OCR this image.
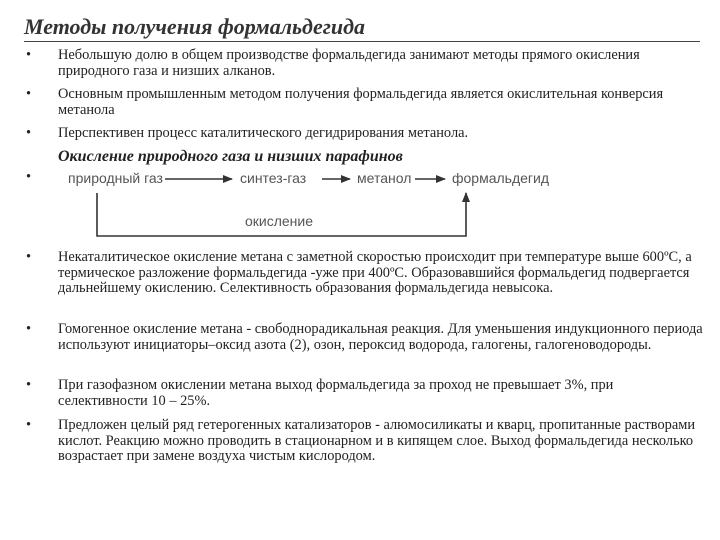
Методы получения формальдегида
• Небольшую долю в общем производстве формальдегида занимают методы прямого окисления природного газа и низших алканов.
• Основным промышленным методом получения формальдегида является окислительная конверсия метанола
• Перспективен процесс каталитического дегидрирования метанола.
Окисление природного газа и низших парафинов
•	природный газ	синтез-газ	метанол	формальдегид
окисление
• Некаталитическое окисление метана с заметной скоростью происходит при температуре выше 600ºС, а термическое разложение формальдегида -уже при 400ºС. Образовавшийся формальдегид подвергается дальнейшему окислению. Селективность образования формальдегида невысока.
• Гомогенное окисление метана - свободнорадикальная реакция. Для уменьшения индукционного периода используют инициаторы–оксид азота (2), озон, пероксид водорода, галогены, галогеноводороды.
• При газофазном окислении метана выход формальдегида за проход не превышает 3%, при селективности 10 – 25%.
• Предложен целый ряд гетерогенных катализаторов - алюмосиликаты и кварц, пропитанные растворами кислот. Реакцию можно проводить в стационарном и в кипящем слое. Выход формальдегида несколько возрастает при замене воздуха чистым кислородом.
